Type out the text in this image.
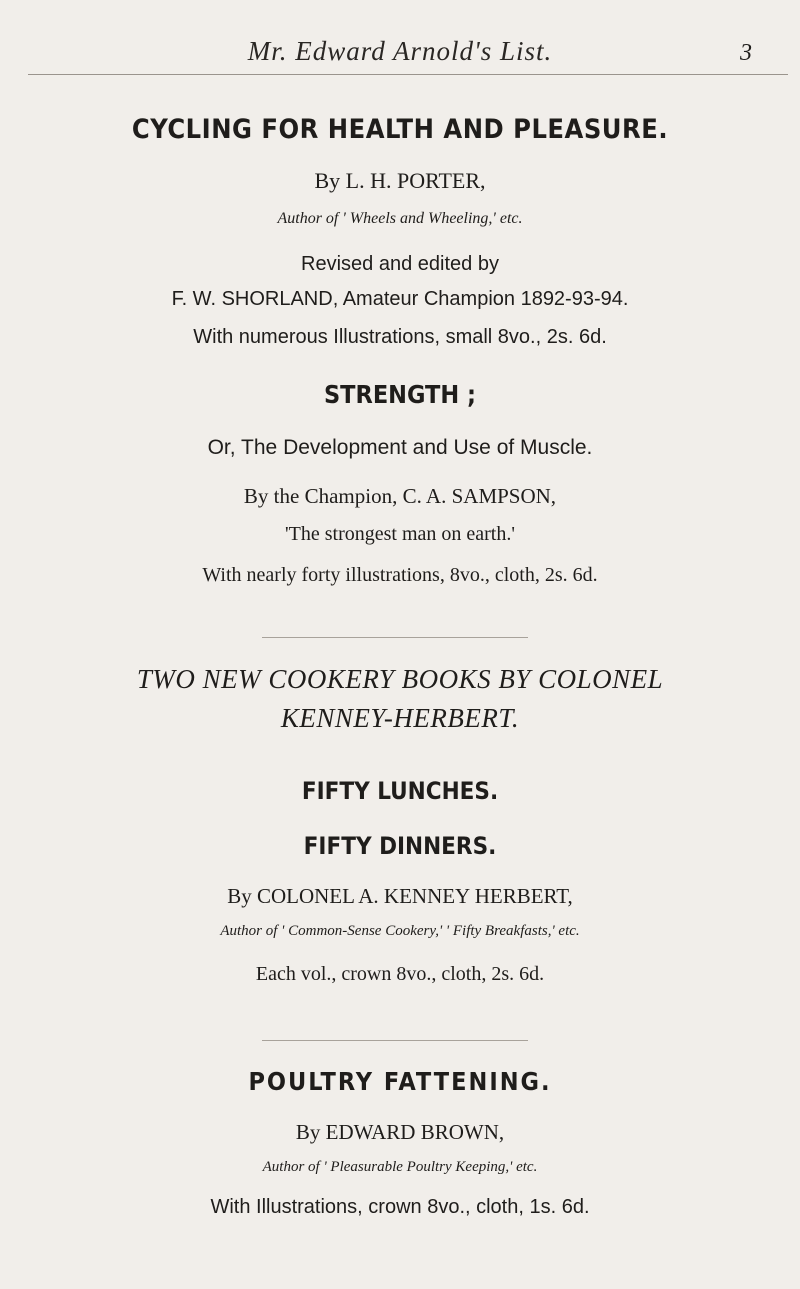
Mr. Edward Arnold's List.	3
CYCLING FOR HEALTH AND PLEASURE.
By L. H. PORTER,
Author of ' Wheels and Wheeling,' etc.
Revised and edited by
F. W. SHORLAND, Amateur Champion 1892-93-94.
With numerous Illustrations, small 8vo., 2s. 6d.
STRENGTH ;
Or, The Development and Use of Muscle.
By the Champion, C. A. SAMPSON,
'The strongest man on earth.'
With nearly forty illustrations, 8vo., cloth, 2s. 6d.
TWO NEW COOKERY BOOKS BY COLONEL
KENNEY-HERBERT.
FIFTY LUNCHES.
FIFTY DINNERS.
By COLONEL A. KENNEY HERBERT,
Author of ' Common-Sense Cookery,' ' Fifty Breakfasts,' etc.
Each vol., crown 8vo., cloth, 2s. 6d.
POULTRY FATTENING.
By EDWARD BROWN,
Author of ' Pleasurable Poultry Keeping,' etc.
With Illustrations, crown 8vo., cloth, 1s. 6d.
